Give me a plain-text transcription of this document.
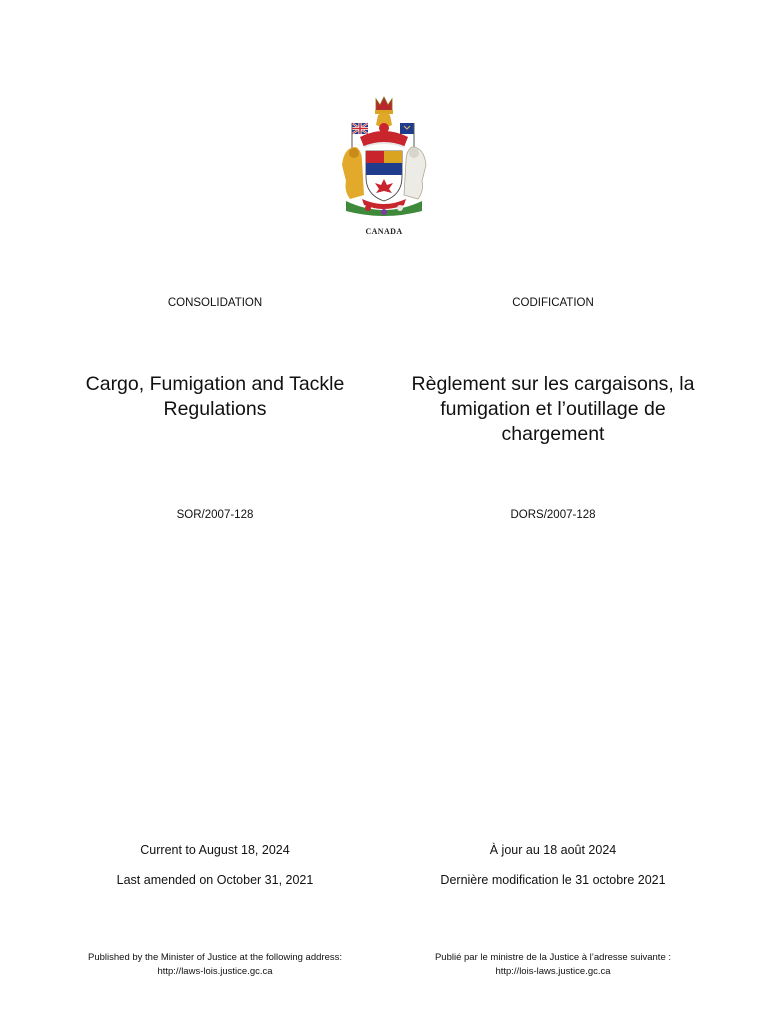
CANADA
CONSOLIDATION
Cargo, Fumigation and Tackle Regulations
SOR/2007-128
Current to August 18, 2024
Last amended on October 31, 2021
Published by the Minister of Justice at the following address:
http://laws-lois.justice.gc.ca
CODIFICATION
Règlement sur les cargaisons, la fumigation et l’outillage de chargement
DORS/2007-128
À jour au 18 août 2024
Dernière modification le 31 octobre 2021
Publié par le ministre de la Justice à l’adresse suivante :
http://lois-laws.justice.gc.ca
